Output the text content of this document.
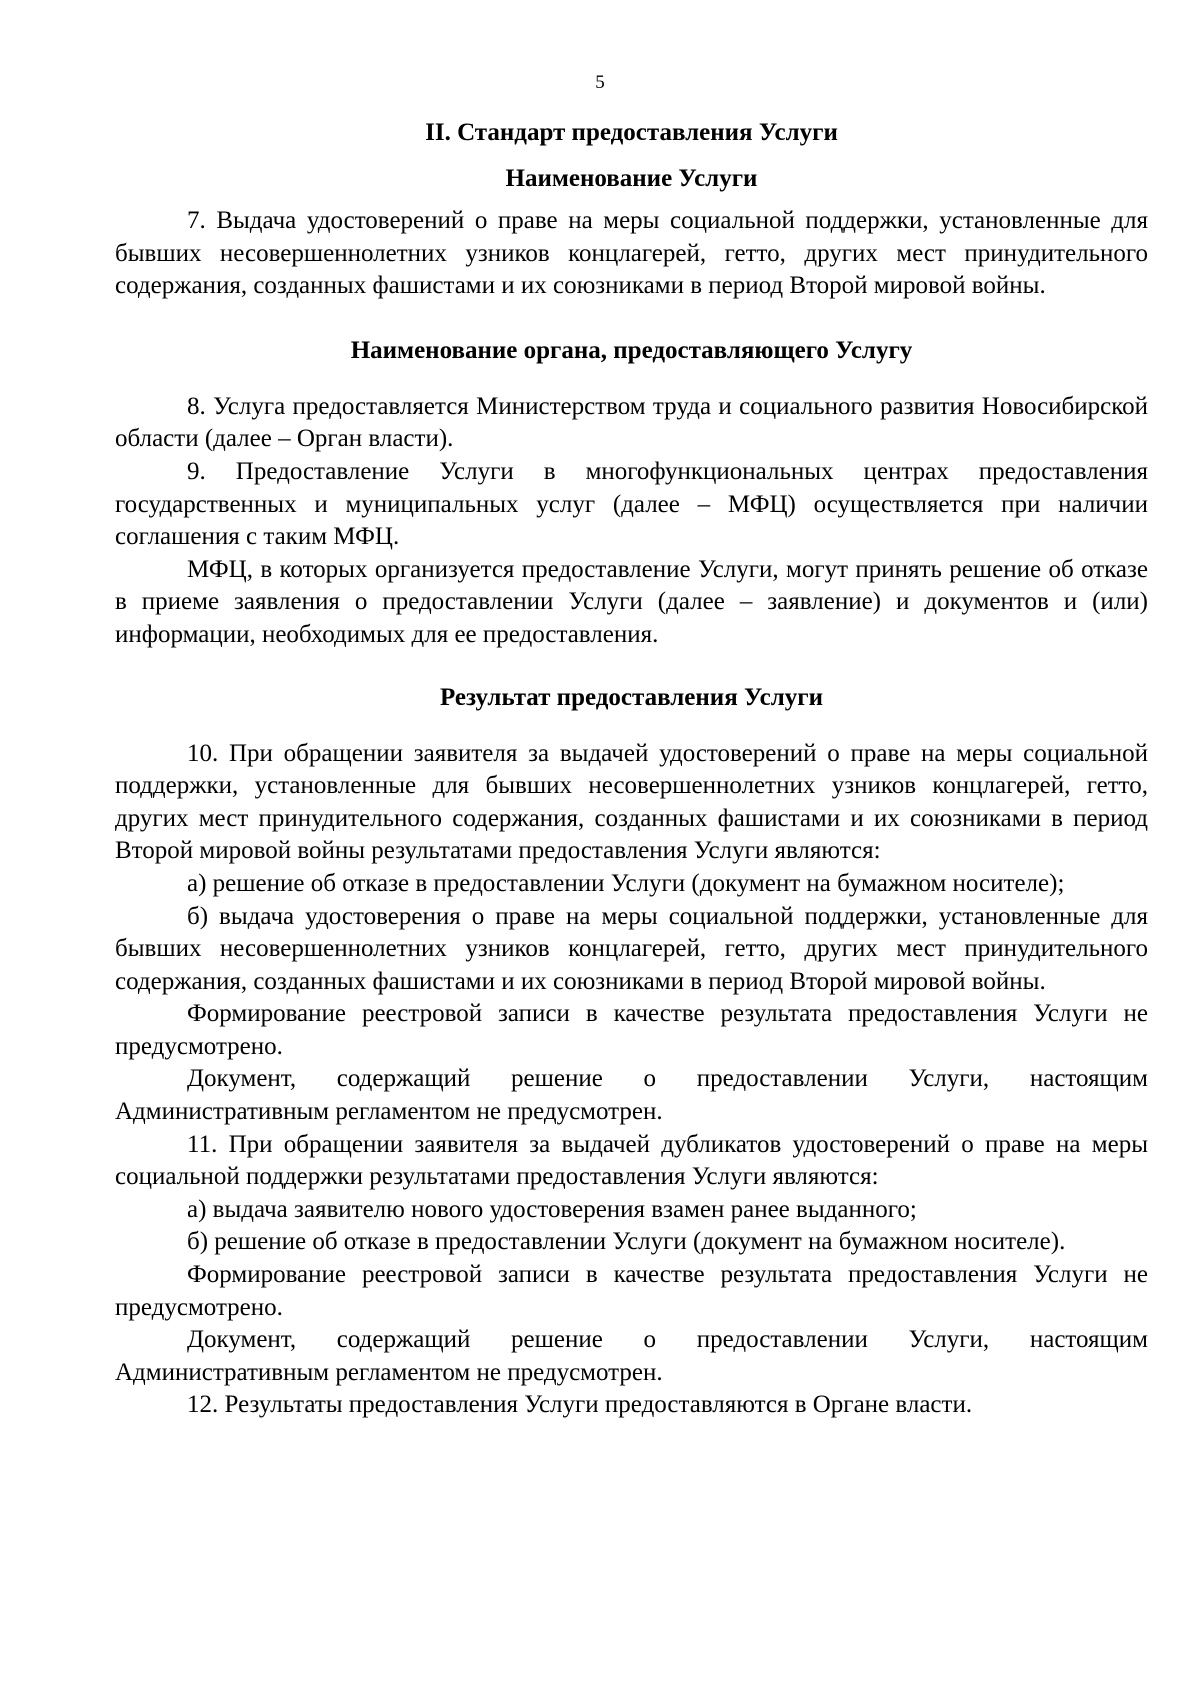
5
II. Стандарт предоставления Услуги
Наименование Услуги

7. Выдача удостоверений о праве на меры социальной поддержки, установленные для бывших несовершеннолетних узников концлагерей, гетто, других мест принудительного содержания, созданных фашистами и их союзниками в период Второй мировой войны.

Наименование органа, предоставляющего Услугу

8. Услуга предоставляется Министерством труда и социального развития Новосибирской области (далее – Орган власти).

9. Предоставление Услуги в многофункциональных центрах предоставления государственных и муниципальных услуг (далее – МФЦ) осуществляется при наличии соглашения с таким МФЦ.

МФЦ, в которых организуется предоставление Услуги, могут принять решение об отказе в приеме заявления о предоставлении Услуги (далее – заявление) и документов и (или) информации, необходимых для ее предоставления.

Результат предоставления Услуги

10. При обращении заявителя за выдачей удостоверений о праве на меры социальной поддержки, установленные для бывших несовершеннолетних узников концлагерей, гетто, других мест принудительного содержания, созданных фашистами и их союзниками в период Второй мировой войны результатами предоставления Услуги являются:

а) решение об отказе в предоставлении Услуги (документ на бумажном носителе);

б) выдача удостоверения о праве на меры социальной поддержки, установленные для бывших несовершеннолетних узников концлагерей, гетто, других мест принудительного содержания, созданных фашистами и их союзниками в период Второй мировой войны.

Формирование реестровой записи в качестве результата предоставления Услуги не предусмотрено.

Документ, содержащий решение о предоставлении Услуги, настоящим Административным регламентом не предусмотрен.

11. При обращении заявителя за выдачей дубликатов удостоверений о праве на меры социальной поддержки результатами предоставления Услуги являются:

а) выдача заявителю нового удостоверения взамен ранее выданного;

б) решение об отказе в предоставлении Услуги (документ на бумажном носителе).

Формирование реестровой записи в качестве результата предоставления Услуги не предусмотрено.

Документ, содержащий решение о предоставлении Услуги, настоящим Административным регламентом не предусмотрен.

12. Результаты предоставления Услуги предоставляются в Органе власти.
